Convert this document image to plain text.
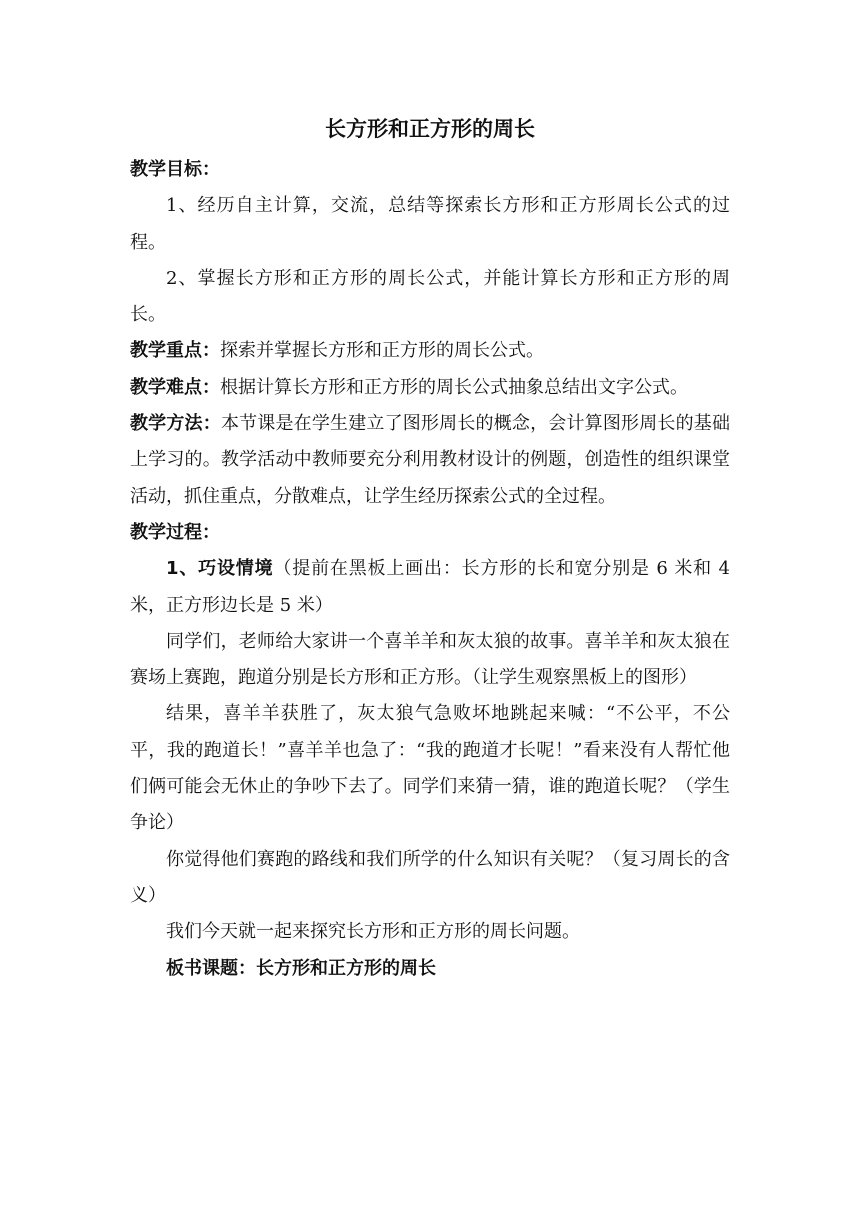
长方形和正方形的周长

教学目标：

1、经历自主计算，交流，总结等探索长方形和正方形周长公式的过程。

2、掌握长方形和正方形的周长公式，并能计算长方形和正方形的周长。

教学重点：探索并掌握长方形和正方形的周长公式。

教学难点：根据计算长方形和正方形的周长公式抽象总结出文字公式。

教学方法：本节课是在学生建立了图形周长的概念，会计算图形周长的基础上学习的。教学活动中教师要充分利用教材设计的例题，创造性的组织课堂活动，抓住重点，分散难点，让学生经历探索公式的全过程。

教学过程：

1、巧设情境（提前在黑板上画出：长方形的长和宽分别是 6 米和 4 米，正方形边长是 5 米）

同学们，老师给大家讲一个喜羊羊和灰太狼的故事。喜羊羊和灰太狼在赛场上赛跑，跑道分别是长方形和正方形。（让学生观察黑板上的图形）

结果，喜羊羊获胜了，灰太狼气急败坏地跳起来喊：“不公平，不公平，我的跑道长！”喜羊羊也急了：“我的跑道才长呢！”看来没有人帮忙他们俩可能会无休止的争吵下去了。同学们来猜一猜，谁的跑道长呢？（学生争论）

你觉得他们赛跑的路线和我们所学的什么知识有关呢？（复习周长的含义）

我们今天就一起来探究长方形和正方形的周长问题。

板书课题：长方形和正方形的周长
